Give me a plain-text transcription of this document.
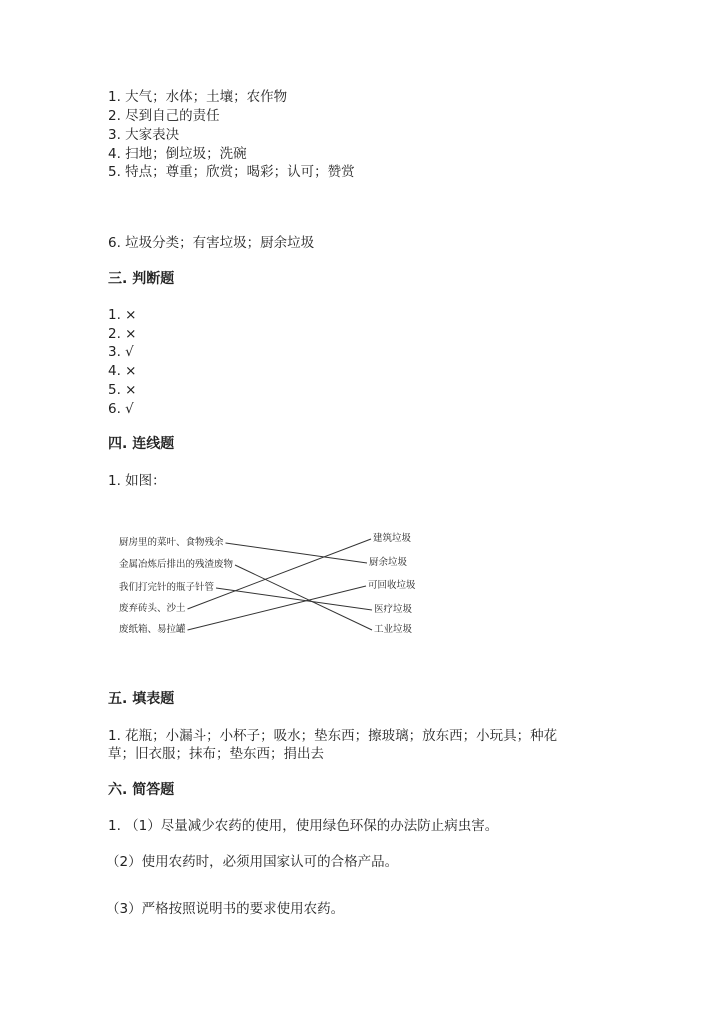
1. 大气；水体；土壤；农作物
2. 尽到自己的责任
3. 大家表决
4. 扫地；倒垃圾；洗碗
5. 特点；尊重；欣赏；喝彩；认可；赞赏
6. 垃圾分类；有害垃圾；厨余垃圾
三. 判断题
1. ×
2. ×
3. √
4. ×
5. ×
6. √
四. 连线题
1. 如图：
厨房里的菜叶、食物残余
金属冶炼后排出的残渣废物
我们打完针的瓶子针管
废弃砖头、沙土
废纸箱、易拉罐
建筑垃圾
厨余垃圾
可回收垃圾
医疗垃圾
工业垃圾
五. 填表题
1. 花瓶；小漏斗；小杯子；吸水；垫东西；擦玻璃；放东西；小玩具；种花
草；旧衣服；抹布；垫东西；捐出去
六. 简答题
1. （1）尽量减少农药的使用，使用绿色环保的办法防止病虫害。
（2）使用农药时，必须用国家认可的合格产品。
（3）严格按照说明书的要求使用农药。
